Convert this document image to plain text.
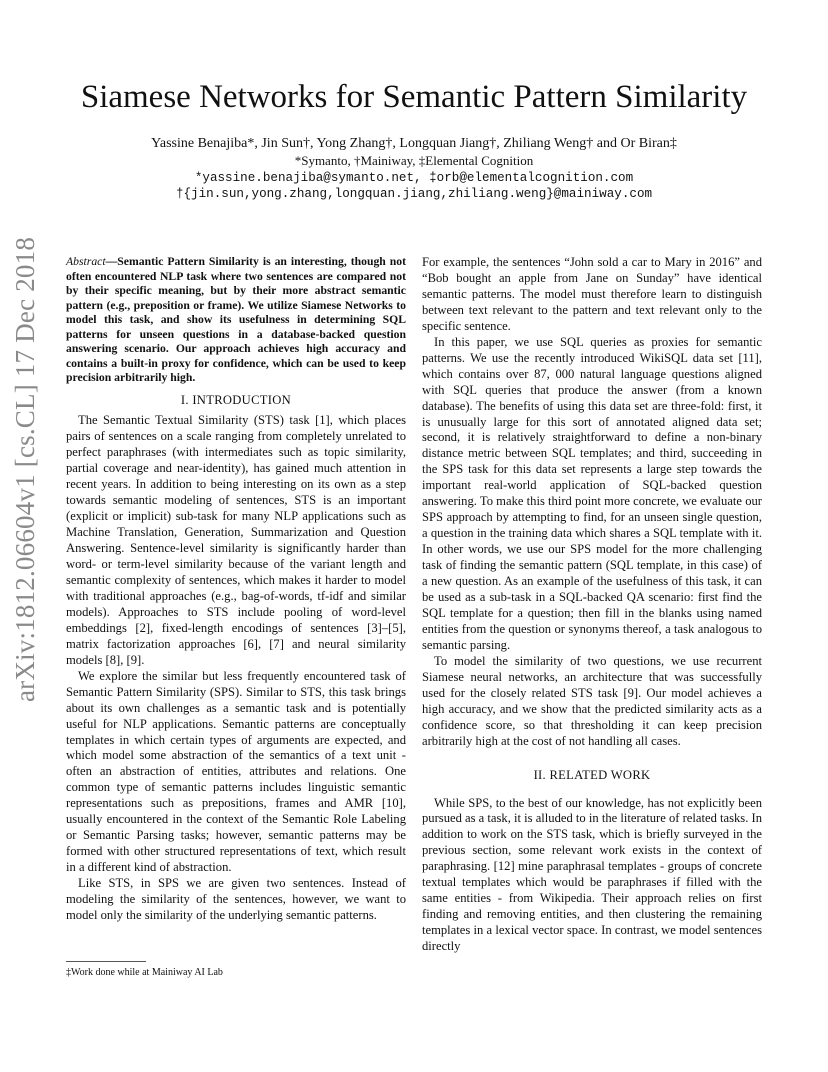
arXiv:1812.06604v1 [cs.CL] 17 Dec 2018
Siamese Networks for Semantic Pattern Similarity
Yassine Benajiba*, Jin Sun†, Yong Zhang†, Longquan Jiang†, Zhiliang Weng† and Or Biran‡
*Symanto, †Mainiway, ‡Elemental Cognition
*yassine.benajiba@symanto.net, ‡orb@elementalcognition.com
†{jin.sun,yong.zhang,longquan.jiang,zhiliang.weng}@mainiway.com

Abstract—Semantic Pattern Similarity is an interesting, though not often encountered NLP task where two sentences are compared not by their specific meaning, but by their more abstract semantic pattern (e.g., preposition or frame). We utilize Siamese Networks to model this task, and show its usefulness in determining SQL patterns for unseen questions in a database-backed question answering scenario. Our approach achieves high accuracy and contains a built-in proxy for confidence, which can be used to keep precision arbitrarily high.

I. INTRODUCTION

The Semantic Textual Similarity (STS) task [1], which places pairs of sentences on a scale ranging from completely unrelated to perfect paraphrases (with intermediates such as topic similarity, partial coverage and near-identity), has gained much attention in recent years. In addition to being interesting on its own as a step towards semantic modeling of sentences, STS is an important (explicit or implicit) sub-task for many NLP applications such as Machine Translation, Generation, Summarization and Question Answering. Sentence-level similarity is significantly harder than word- or term-level similarity because of the variant length and semantic complexity of sentences, which makes it harder to model with traditional approaches (e.g., bag-of-words, tf-idf and similar models). Approaches to STS include pooling of word-level embeddings [2], fixed-length encodings of sentences [3]–[5], matrix factorization approaches [6], [7] and neural similarity models [8], [9].

We explore the similar but less frequently encountered task of Semantic Pattern Similarity (SPS). Similar to STS, this task brings about its own challenges as a semantic task and is potentially useful for NLP applications. Semantic patterns are conceptually templates in which certain types of arguments are expected, and which model some abstraction of the semantics of a text unit - often an abstraction of entities, attributes and relations. One common type of semantic patterns includes linguistic semantic representations such as prepositions, frames and AMR [10], usually encountered in the context of the Semantic Role Labeling or Semantic Parsing tasks; however, semantic patterns may be formed with other structured representations of text, which result in a different kind of abstraction.

Like STS, in SPS we are given two sentences. Instead of modeling the similarity of the sentences, however, we want to model only the similarity of the underlying semantic patterns.

‡Work done while at Mainiway AI Lab

For example, the sentences “John sold a car to Mary in 2016” and “Bob bought an apple from Jane on Sunday” have identical semantic patterns. The model must therefore learn to distinguish between text relevant to the pattern and text relevant only to the specific sentence.

In this paper, we use SQL queries as proxies for semantic patterns. We use the recently introduced WikiSQL data set [11], which contains over 87, 000 natural language questions aligned with SQL queries that produce the answer (from a known database). The benefits of using this data set are three-fold: first, it is unusually large for this sort of annotated aligned data set; second, it is relatively straightforward to define a non-binary distance metric between SQL templates; and third, succeeding in the SPS task for this data set represents a large step towards the important real-world application of SQL-backed question answering. To make this third point more concrete, we evaluate our SPS approach by attempting to find, for an unseen single question, a question in the training data which shares a SQL template with it. In other words, we use our SPS model for the more challenging task of finding the semantic pattern (SQL template, in this case) of a new question. As an example of the usefulness of this task, it can be used as a sub-task in a SQL-backed QA scenario: first find the SQL template for a question; then fill in the blanks using named entities from the question or synonyms thereof, a task analogous to semantic parsing.

To model the similarity of two questions, we use recurrent Siamese neural networks, an architecture that was successfully used for the closely related STS task [9]. Our model achieves a high accuracy, and we show that the predicted similarity acts as a confidence score, so that thresholding it can keep precision arbitrarily high at the cost of not handling all cases.

II. RELATED WORK

While SPS, to the best of our knowledge, has not explicitly been pursued as a task, it is alluded to in the literature of related tasks. In addition to work on the STS task, which is briefly surveyed in the previous section, some relevant work exists in the context of paraphrasing. [12] mine paraphrasal templates - groups of concrete textual templates which would be paraphrases if filled with the same entities - from Wikipedia. Their approach relies on first finding and removing entities, and then clustering the remaining templates in a lexical vector space. In contrast, we model sentences directly
